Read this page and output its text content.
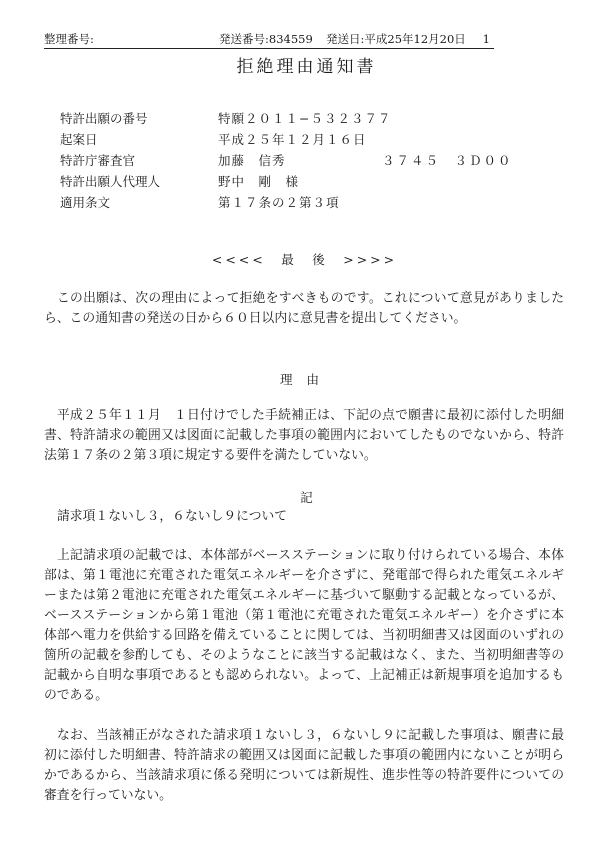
整理番号:	発送番号:834559 発送日:平成25年12月20日 1
拒絶理由通知書
特許出願の番号	特願２０１１−５３２３７７
起案日	平成２５年１２月１６日
特許庁審査官	加藤　信秀	３７４５　３Ｄ００
特許出願人代理人	野中　剛　様
適用条文	第１７条の２第３項
<<<<　最　後　>>>>

この出願は、次の理由によって拒絶をすべきものです。これについて意見がありましたら、この通知書の発送の日から６０日以内に意見書を提出してください。

理由

平成２５年１１月　１日付けでした手続補正は、下記の点で願書に最初に添付した明細書、特許請求の範囲又は図面に記載した事項の範囲内においてしたものでないから、特許法第１７条の２第３項に規定する要件を満たしていない。

記

請求項１ないし３，６ないし９について

上記請求項の記載では、本体部がベースステーションに取り付けられている場合、本体部は、第１電池に充電された電気エネルギーを介さずに、発電部で得られた電気エネルギーまたは第２電池に充電された電気エネルギーに基づいて駆動する記載となっているが、ベースステーションから第１電池（第１電池に充電された電気エネルギー）を介さずに本体部へ電力を供給する回路を備えていることに関しては、当初明細書又は図面のいずれの箇所の記載を参酌しても、そのようなことに該当する記載はなく、また、当初明細書等の記載から自明な事項であるとも認められない。よって、上記補正は新規事項を追加するものである。

なお、当該補正がなされた請求項１ないし３，６ないし９に記載した事項は、願書に最初に添付した明細書、特許請求の範囲又は図面に記載した事項の範囲内にないことが明らかであるから、当該請求項に係る発明については新規性、進歩性等の特許要件についての審査を行っていない。
